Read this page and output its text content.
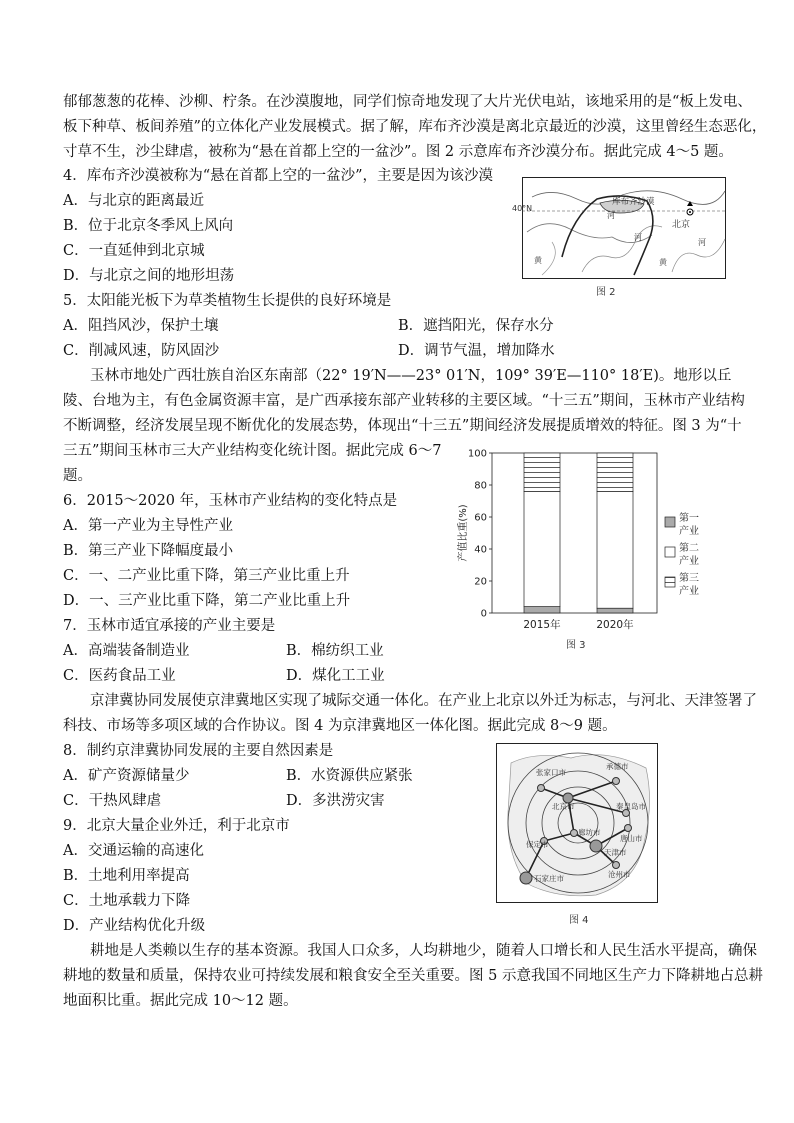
郁郁葱葱的花棒、沙柳、柠条。在沙漠腹地，同学们惊奇地发现了大片光伏电站，该地采用的是“板上发电、
板下种草、板间养殖”的立体化产业发展模式。据了解，库布齐沙漠是离北京最近的沙漠，这里曾经生态恶化，
寸草不生，沙尘肆虐，被称为“悬在首都上空的一盆沙”。图 2 示意库布齐沙漠分布。据此完成 4～5 题。
4．库布齐沙漠被称为“悬在首都上空的一盆沙”，主要是因为该沙漠
A．与北京的距离最近
B．位于北京冬季风上风向
C．一直延伸到北京城
D．与北京之间的地形坦荡
库布齐沙漠
40°N
北京
河
河
河
黄	黄
图 2
5．太阳能光板下为草类植物生长提供的良好环境是
A．阻挡风沙，保护土壤	B．遮挡阳光，保存水分
C．削减风速，防风固沙	D．调节气温，增加降水
玉林市地处广西壮族自治区东南部（22° 19′N——23° 01′N，109° 39′E—110° 18′E)。地形以丘
陵、台地为主，有色金属资源丰富，是广西承接东部产业转移的主要区域。“十三五”期间，玉林市产业结构
不断调整，经济发展呈现不断优化的发展态势，体现出“十三五”期间经济发展提质增效的特征。图 3 为“十
三五”期间玉林市三大产业结构变化统计图。据此完成 6～7
题。
6．2015～2020 年，玉林市产业结构的变化特点是
A．第一产业为主导性产业
B．第三产业下降幅度最小
C．一、二产业比重下降，第三产业比重上升
D．一、三产业比重下降，第二产业比重上升
0
20
40
60
80
100
产值比重(%)
2015年	2020年
第一
产业
第二
产业
第三
产业
图 3
7．玉林市适宜承接的产业主要是
A．高端装备制造业	B．棉纺织工业
C．医药食品工业	D．煤化工工业
京津冀协同发展使京津冀地区实现了城际交通一体化。在产业上北京以外迁为标志，与河北、天津签署了
科技、市场等多项区域的合作协议。图 4 为京津冀地区一体化图。据此完成 8～9 题。
8．制约京津冀协同发展的主要自然因素是
A．矿产资源储量少	B．水资源供应紧张
C．干热风肆虐	D．多洪涝灾害
9．北京大量企业外迁，利于北京市
A．交通运输的高速化
B．土地利用率提高
C．土地承载力下降
D．产业结构优化升级
张家口市
承德市
北京市	秦皇岛市
廊坊市
唐山市
天津市
保定市
沧州市
石家庄市
图 4
耕地是人类赖以生存的基本资源。我国人口众多，人均耕地少，随着人口增长和人民生活水平提高，确保
耕地的数量和质量，保持农业可持续发展和粮食安全至关重要。图 5 示意我国不同地区生产力下降耕地占总耕
地面积比重。据此完成 10～12 题。
